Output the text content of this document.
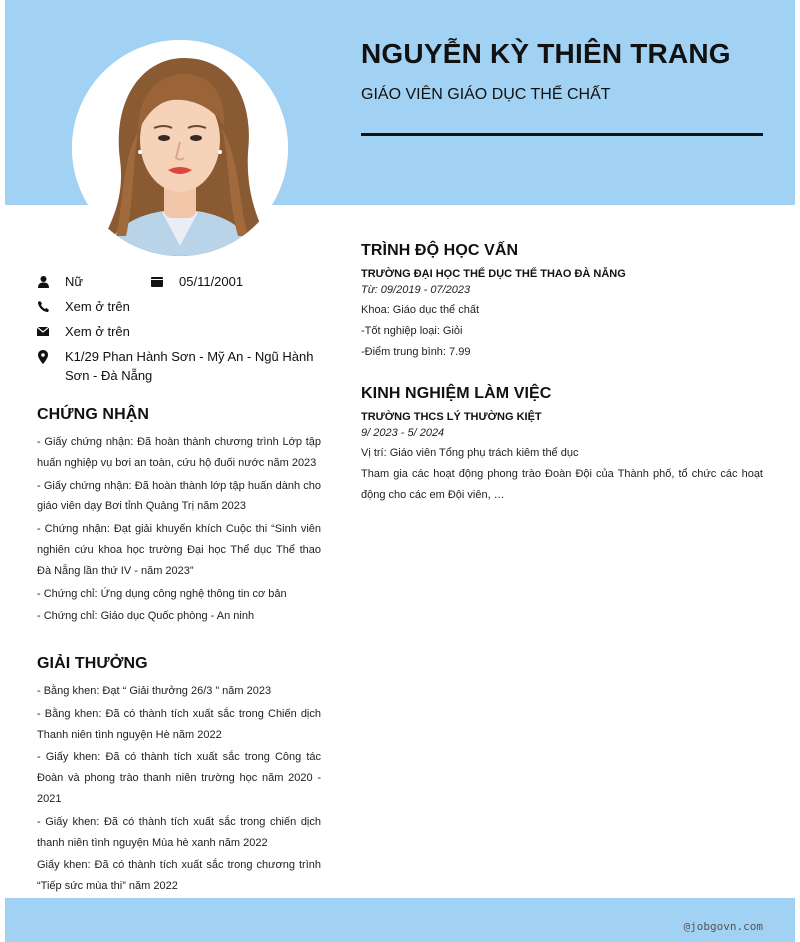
NGUYỄN KỲ THIÊN TRANG
GIÁO VIÊN GIÁO DỤC THỂ CHẤT
Nữ	05/11/2001
Xem ở trên
Xem ở trên
K1/29 Phan Hành Sơn - Mỹ An - Ngũ Hành Sơn - Đà Nẵng
CHỨNG NHẬN

- Giấy chứng nhận: Đã hoàn thành chương trình Lớp tập huấn nghiệp vụ bơi an toàn, cứu hộ đuối nước năm 2023

- Giấy chứng nhận: Đã hoàn thành lớp tập huấn dành cho giáo viên dạy Bơi tỉnh Quảng Trị năm 2023

- Chứng nhận: Đạt giải khuyến khích Cuộc thi “Sinh viên nghiên cứu khoa học trường Đại học Thể dục Thể thao Đà Nẵng lần thứ IV - năm 2023”

- Chứng chỉ: Ứng dụng công nghệ thông tin cơ bản

- Chứng chỉ: Giáo dục Quốc phòng - An ninh

GIẢI THƯỞNG

- Bằng khen: Đạt “ Giải thưởng 26/3 ” năm 2023

- Bằng khen: Đã có thành tích xuất sắc trong Chiến dịch Thanh niên tình nguyện Hè năm 2022

- Giấy khen: Đã có thành tích xuất sắc trong Công tác Đoàn và phong trào thanh niên trường học năm 2020 - 2021

- Giấy khen: Đã có thành tích xuất sắc trong chiến dịch thanh niên tình nguyện Mùa hè xanh năm 2022

Giấy khen: Đã có thành tích xuất sắc trong chương trình “Tiếp sức mùa thi” năm 2022

TRÌNH ĐỘ HỌC VẤN
TRƯỜNG ĐẠI HỌC THỂ DỤC THỂ THAO ĐÀ NẴNG
Từ: 09/2019 - 07/2023

Khoa: Giáo dục thể chất

-Tốt nghiệp loại: Giỏi

-Điểm trung bình: 7.99

KINH NGHIỆM LÀM VIỆC
TRƯỜNG THCS LÝ THƯỜNG KIỆT
9/ 2023 - 5/ 2024

Vị trí: Giáo viên Tổng phụ trách kiêm thể dục

Tham gia các hoạt động phong trào Đoàn Đội của Thành phố, tổ chức các hoạt động cho các em Đội viên, …

@jobgovn.com
